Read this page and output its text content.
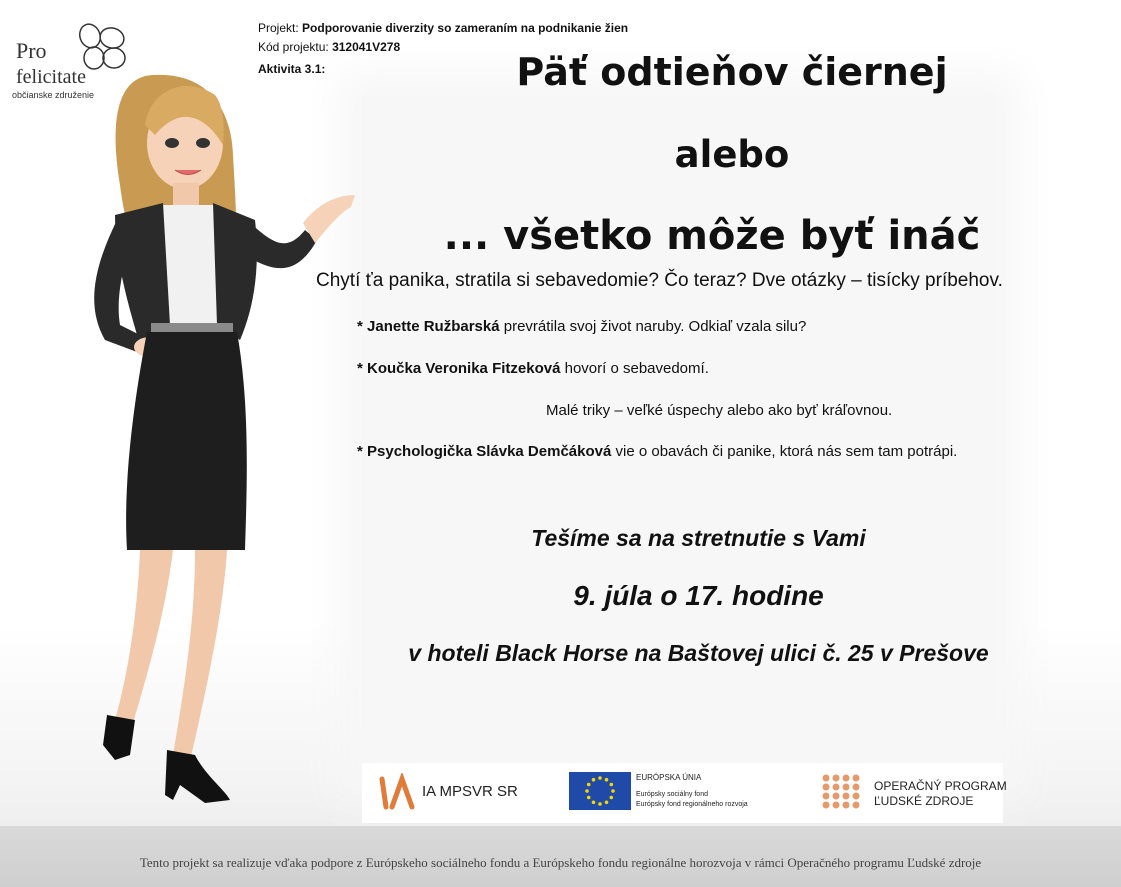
Pro
felicitate
občianske združenie
Projekt: Podporovanie diverzity so zameraním na podnikanie žien
Kód projektu: 312041V278
Aktivita 3.1:	Päť odtieňov čiernej
alebo
... všetko môže byť ináč
Chytí ťa panika, stratila si sebavedomie? Čo teraz? Dve otázky – tisícky príbehov.
* Janette Ružbarská prevrátila svoj život naruby. Odkiaľ vzala silu?
* Koučka Veronika Fitzeková hovorí o sebavedomí.
Malé triky – veľké úspechy alebo ako byť kráľovnou.
* Psychologička Slávka Demčáková vie o obavách či panike, ktorá nás sem tam potrápi.
Tešíme sa na stretnutie s Vami
9. júla o 17. hodine
v hoteli Black Horse na Baštovej ulici č. 25 v Prešove
IA MPSVR SR
EURÓPSKA ÚNIA
Európsky sociálny fond
Európsky fond regionálneho rozvoja
OPERAČNÝ PROGRAM
ĽUDSKÉ ZDROJE
Tento projekt sa realizuje vďaka podpore z Európskeho sociálneho fondu a Európskeho fondu regionálne horozvoja v rámci Operačného programu Ľudské zdroje
